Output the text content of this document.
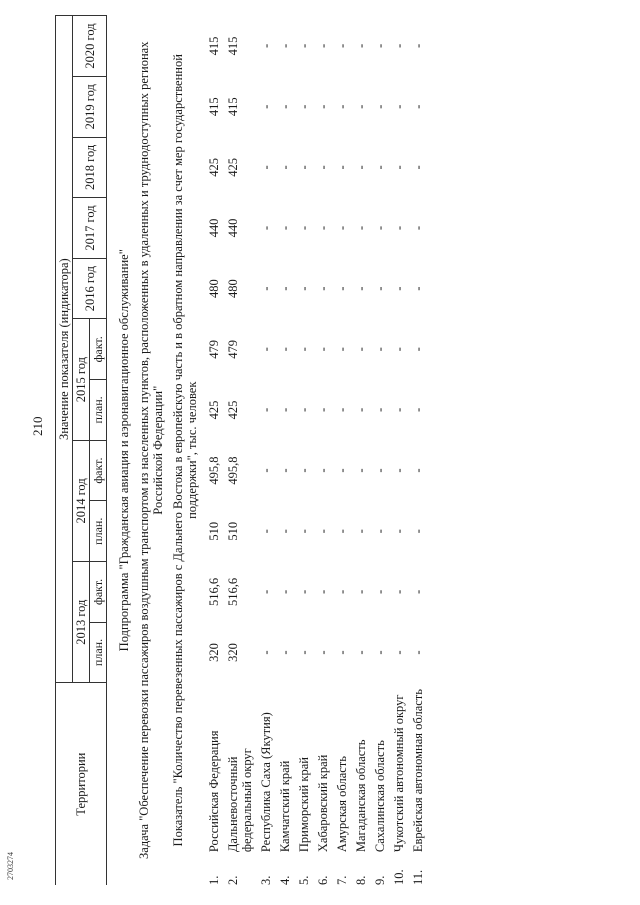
210
2703274
Территории		Значение показателя (индикатора)										
		2013 год		2014 год		2015 год		2016 год	2017 год	2018 год	2019 год	2020 год
		план.	факт.	план.	факт.	план.	факт.					
Подпрограмма "Гражданская авиация и аэронавигационное обслуживание"												
Задача "Обеспечение перевозки пассажиров воздушным транспортом из населенных пунктов, расположенных в удаленных и труднодоступных регионах Российской Федерации"												
Показатель "Количество перевезенных пассажиров с Дальнего Востока в европейскую часть и в обратном направлении за счет мер государственной поддержки", тыс. человек												
1.	Российская Федерация	320	516,6	510	495,8	425	479	480	440	425	415	415
2.	Дальневосточный федеральный округ	320	516,6	510	495,8	425	479	480	440	425	415	415
3.	Республика Саха (Якутия)	-	-	-	-	-	-	-	-	-	-	-
4.	Камчатский край	-	-	-	-	-	-	-	-	-	-	-
5.	Приморский край	-	-	-	-	-	-	-	-	-	-	-
6.	Хабаровский край	-	-	-	-	-	-	-	-	-	-	-
7.	Амурская область	-	-	-	-	-	-	-	-	-	-	-
8.	Магаданская область	-	-	-	-	-	-	-	-	-	-	-
9.	Сахалинская область	-	-	-	-	-	-	-	-	-	-	-
10.	Чукотский автономный округ	-	-	-	-	-	-	-	-	-	-	-
11.	Еврейская автономная область	-	-	-	-	-	-	-	-	-	-	-
